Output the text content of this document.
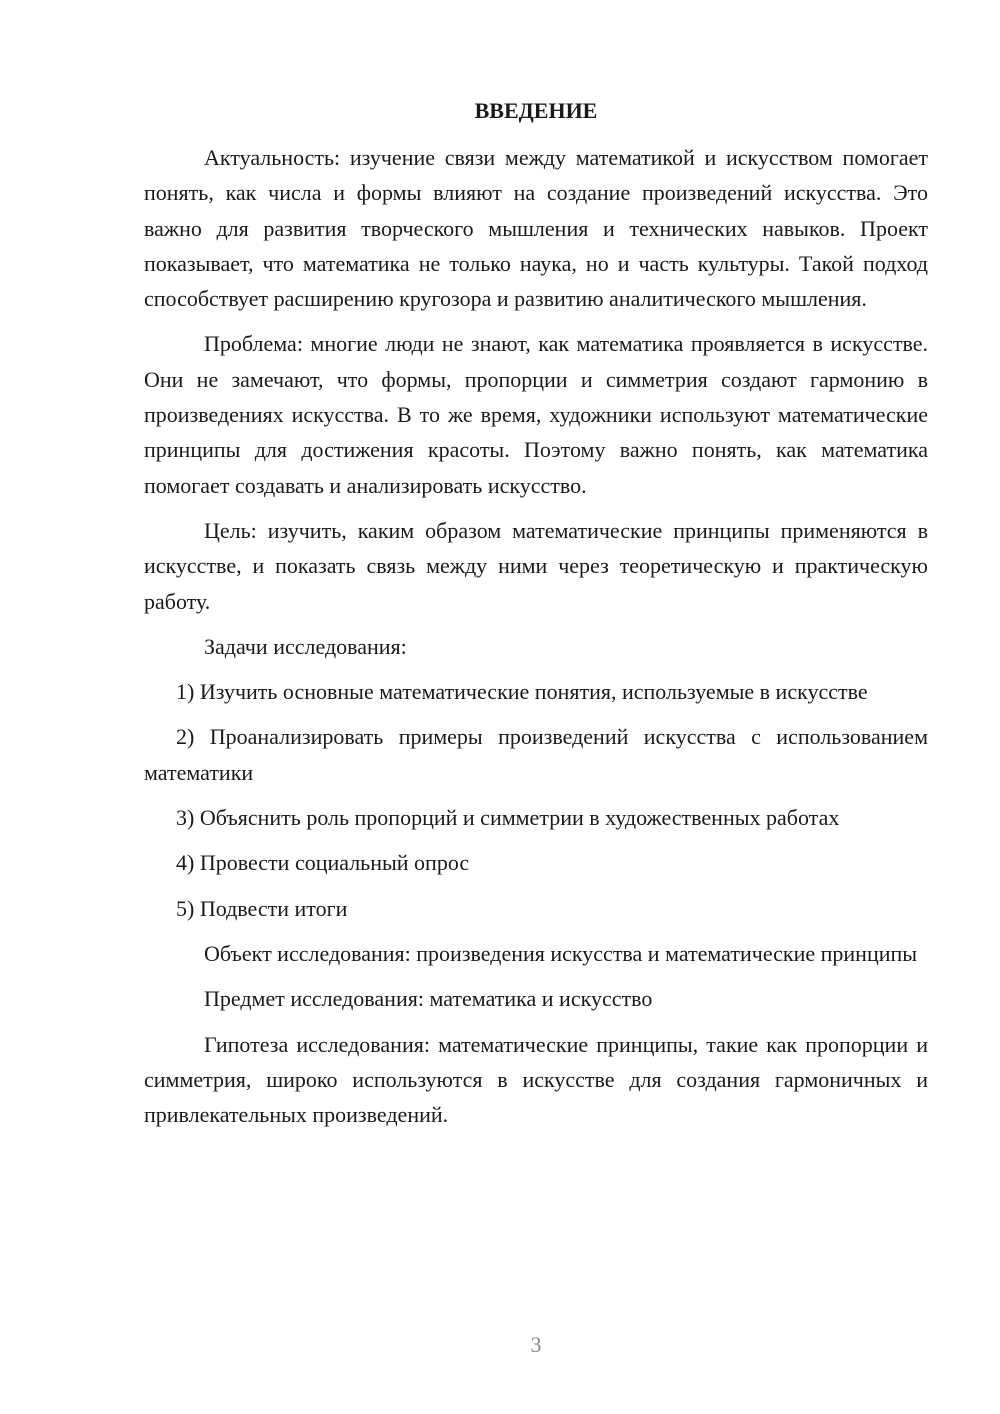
ВВЕДЕНИЕ

Актуальность: изучение связи между математикой и искусством помогает понять, как числа и формы влияют на создание произведений искусства. Это важно для развития творческого мышления и технических навыков. Проект показывает, что математика не только наука, но и часть культуры. Такой подход способствует расширению кругозора и развитию аналитического мышления.

Проблема: многие люди не знают, как математика проявляется в искусстве. Они не замечают, что формы, пропорции и симметрия создают гармонию в произведениях искусства. В то же время, художники используют математические принципы для достижения красоты. Поэтому важно понять, как математика помогает создавать и анализировать искусство.

Цель: изучить, каким образом математические принципы применяются в искусстве, и показать связь между ними через теоретическую и практическую работу.

Задачи исследования:

1) Изучить основные математические понятия, используемые в искусстве
2) Проанализировать примеры произведений искусства с использованием математики
3) Объяснить роль пропорций и симметрии в художественных работах
4) Провести социальный опрос
5) Подвести итоги

Объект исследования: произведения искусства и математические принципы

Предмет исследования: математика и искусство

Гипотеза исследования: математические принципы, такие как пропорции и симметрия, широко используются в искусстве для создания гармоничных и привлекательных произведений.

3
